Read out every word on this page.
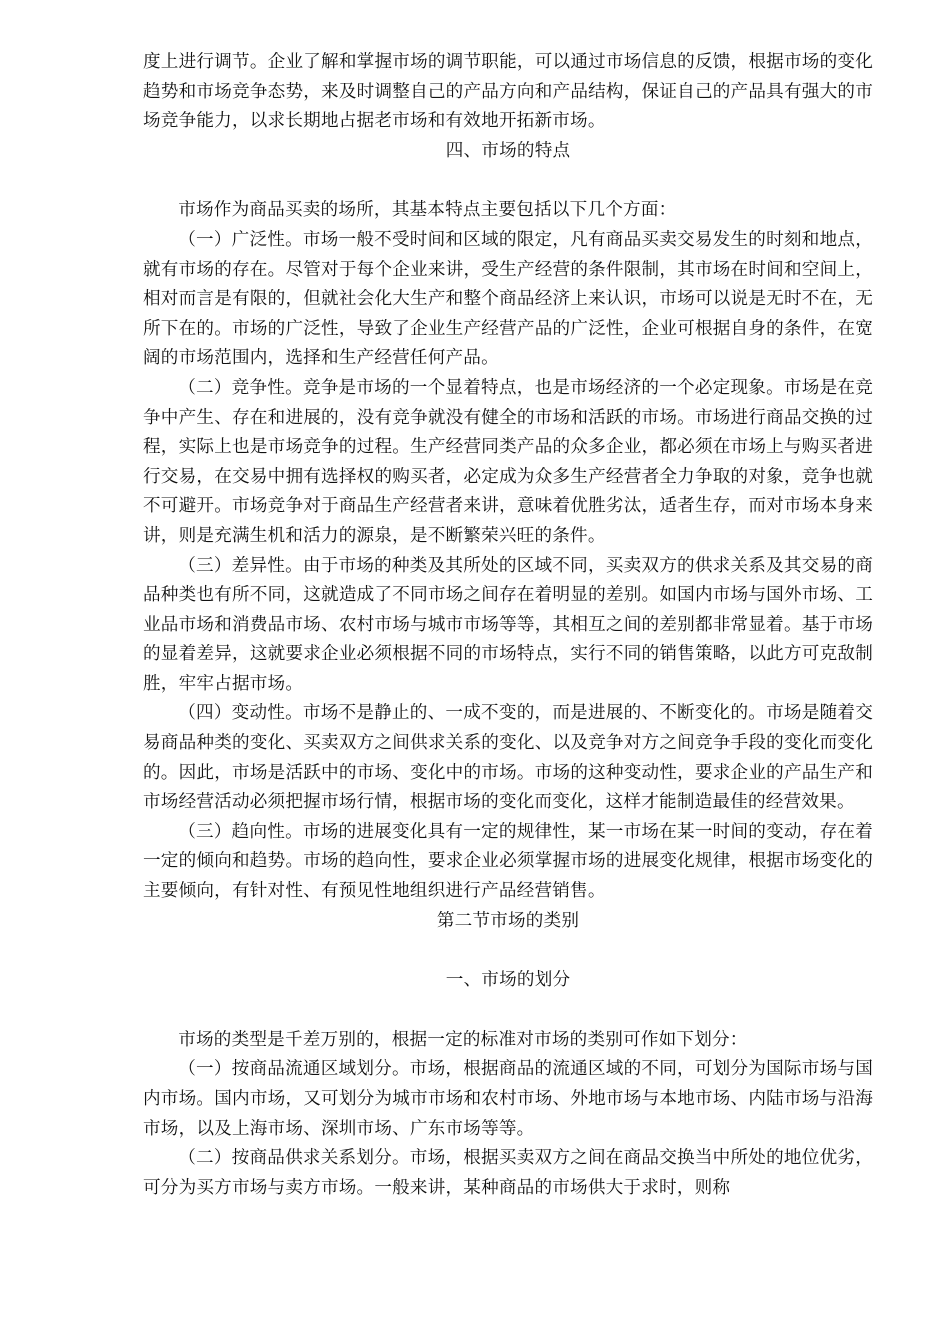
度上进行调节。企业了解和掌握市场的调节职能，可以通过市场信息的反馈，根据市场的变化趋势和市场竞争态势，来及时调整自己的产品方向和产品结构，保证自己的产品具有强大的市场竞争能力，以求长期地占据老市场和有效地开拓新市场。

四、市场的特点

市场作为商品买卖的场所，其基本特点主要包括以下几个方面：

（一）广泛性。市场一般不受时间和区域的限定，凡有商品买卖交易发生的时刻和地点，就有市场的存在。尽管对于每个企业来讲，受生产经营的条件限制，其市场在时间和空间上，相对而言是有限的，但就社会化大生产和整个商品经济上来认识，市场可以说是无时不在，无所下在的。市场的广泛性，导致了企业生产经营产品的广泛性，企业可根据自身的条件，在宽阔的市场范围内，选择和生产经营任何产品。

（二）竞争性。竞争是市场的一个显着特点，也是市场经济的一个必定现象。市场是在竞争中产生、存在和进展的，没有竞争就没有健全的市场和活跃的市场。市场进行商品交换的过程，实际上也是市场竞争的过程。生产经营同类产品的众多企业，都必须在市场上与购买者进行交易，在交易中拥有选择权的购买者，必定成为众多生产经营者全力争取的对象，竞争也就不可避开。市场竞争对于商品生产经营者来讲，意味着优胜劣汰，适者生存，而对市场本身来讲，则是充满生机和活力的源泉，是不断繁荣兴旺的条件。

（三）差异性。由于市场的种类及其所处的区域不同，买卖双方的供求关系及其交易的商品种类也有所不同，这就造成了不同市场之间存在着明显的差别。如国内市场与国外市场、工业品市场和消费品市场、农村市场与城市市场等等，其相互之间的差别都非常显着。基于市场的显着差异，这就要求企业必须根据不同的市场特点，实行不同的销售策略，以此方可克敌制胜，牢牢占据市场。

（四）变动性。市场不是静止的、一成不变的，而是进展的、不断变化的。市场是随着交易商品种类的变化、买卖双方之间供求关系的变化、以及竞争对方之间竞争手段的变化而变化的。因此，市场是活跃中的市场、变化中的市场。市场的这种变动性，要求企业的产品生产和市场经营活动必须把握市场行情，根据市场的变化而变化，这样才能制造最佳的经营效果。

（三）趋向性。市场的进展变化具有一定的规律性，某一市场在某一时间的变动，存在着一定的倾向和趋势。市场的趋向性，要求企业必须掌握市场的进展变化规律，根据市场变化的主要倾向，有针对性、有预见性地组织进行产品经营销售。

第二节市场的类别

一、市场的划分

市场的类型是千差万别的，根据一定的标准对市场的类别可作如下划分：

（一）按商品流通区域划分。市场，根据商品的流通区域的不同，可划分为国际市场与国内市场。国内市场，又可划分为城市市场和农村市场、外地市场与本地市场、内陆市场与沿海市场，以及上海市场、深圳市场、广东市场等等。

（二）按商品供求关系划分。市场，根据买卖双方之间在商品交换当中所处的地位优劣，可分为买方市场与卖方市场。一般来讲，某种商品的市场供大于求时，则称
